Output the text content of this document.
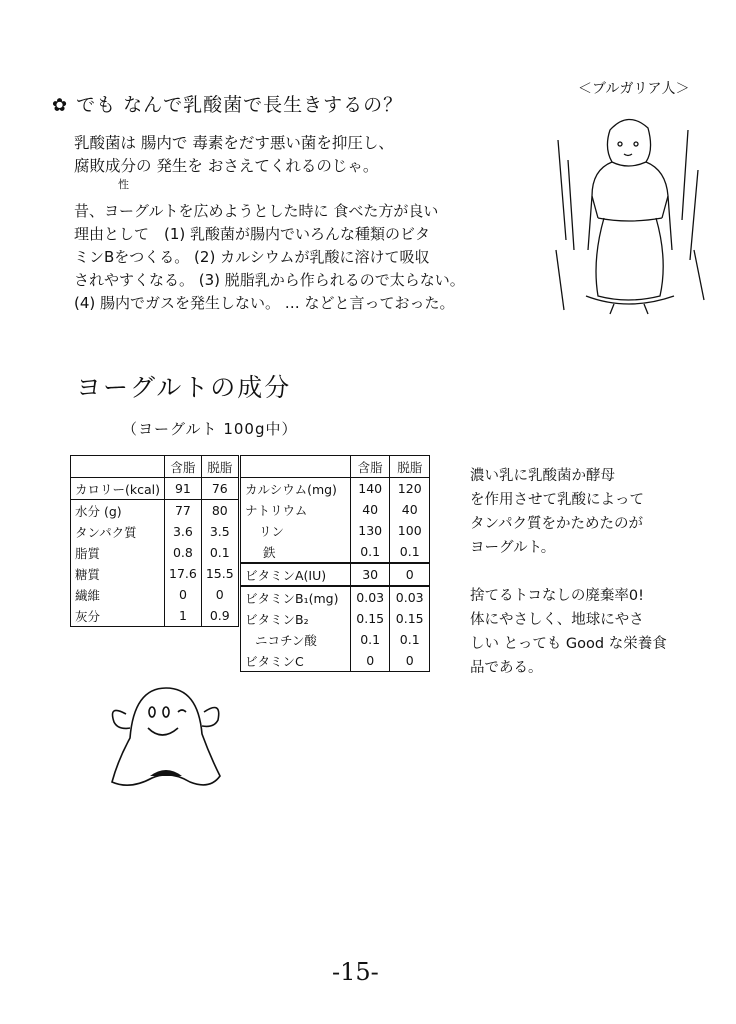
✿ でも なんで乳酸菌で長生きするの？

乳酸菌は 腸内で 毒素をだす悪い菌を抑圧し、

腐敗成分の 発生を おさえてくれるのじゃ。

性

昔、ヨーグルトを広めようとした時に 食べた方が良い

理由として　(1) 乳酸菌が腸内でいろんな種類のビタ

ミンBをつくる。 (2) カルシウムが乳酸に溶けて吸収

されやすくなる。 (3) 脱脂乳から作られるので太らない。

(4) 腸内でガスを発生しない。 … などと言っておった。

＜ブルガリア人＞
ヨーグルトの成分
（ヨーグルト 100g中）
	含脂	脱脂
カロリー(kcal)	91	76
水分 (g)	77	80
タンパク質	3.6	3.5
脂質	0.8	0.1
糖質	17.6	15.5
繊維	0	0
灰分	1	0.9
	含脂	脱脂
カルシウム(mg)	140	120
ナトリウム	40	40
リン	130	100
鉄	0.1	0.1
ビタミンA(IU)	30	0
ビタミンB₁(mg)	0.03	0.03
ビタミンB₂	0.15	0.15
ニコチン酸	0.1	0.1
ビタミンC	0	0

濃い乳に乳酸菌か酵母

を作用させて乳酸によって

タンパク質をかためたのが

ヨーグルト。

捨てるトコなしの廃棄率0!

体にやさしく、地球にやさ

しい とっても Good な栄養食

品である。

-15-
